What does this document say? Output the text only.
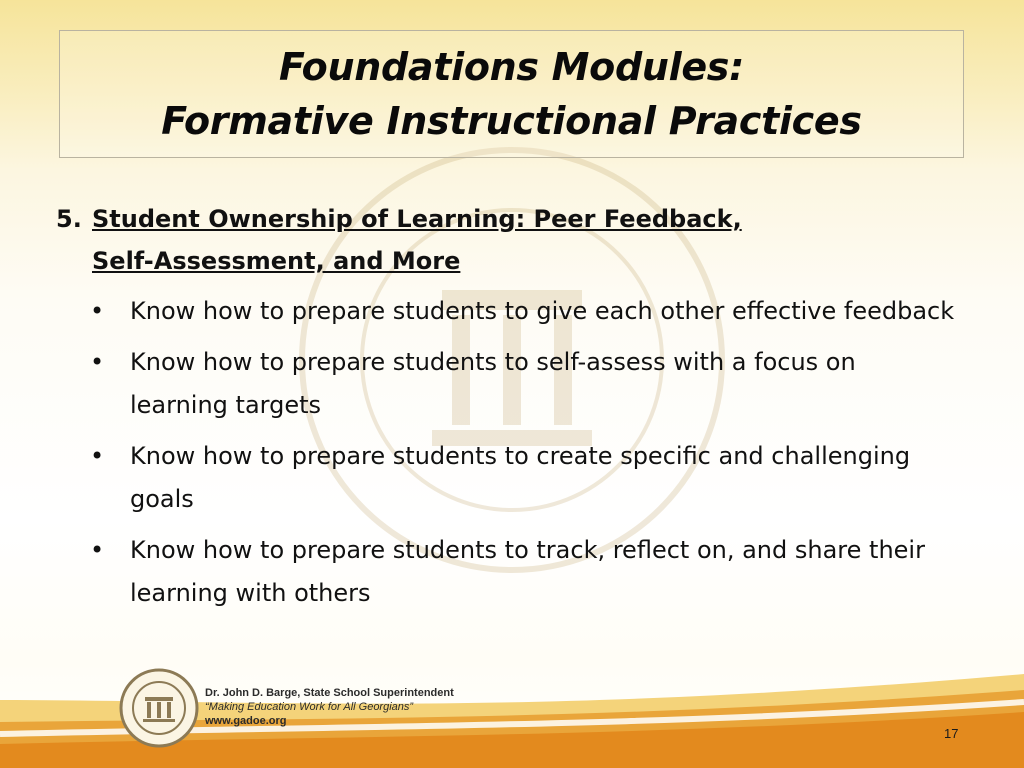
Foundations Modules:
Formative Instructional Practices
5. Student Ownership of Learning: Peer Feedback,
Self-Assessment, and More
• Know how to prepare students to give each other effective feedback
• Know how to prepare students to self-assess with a focus on learning targets
• Know how to prepare students to create specific and challenging goals
• Know how to prepare students to track, reflect on, and share their learning with others
Dr. John D. Barge, State School Superintendent
“Making Education Work for All Georgians”
www.gadoe.org
17
